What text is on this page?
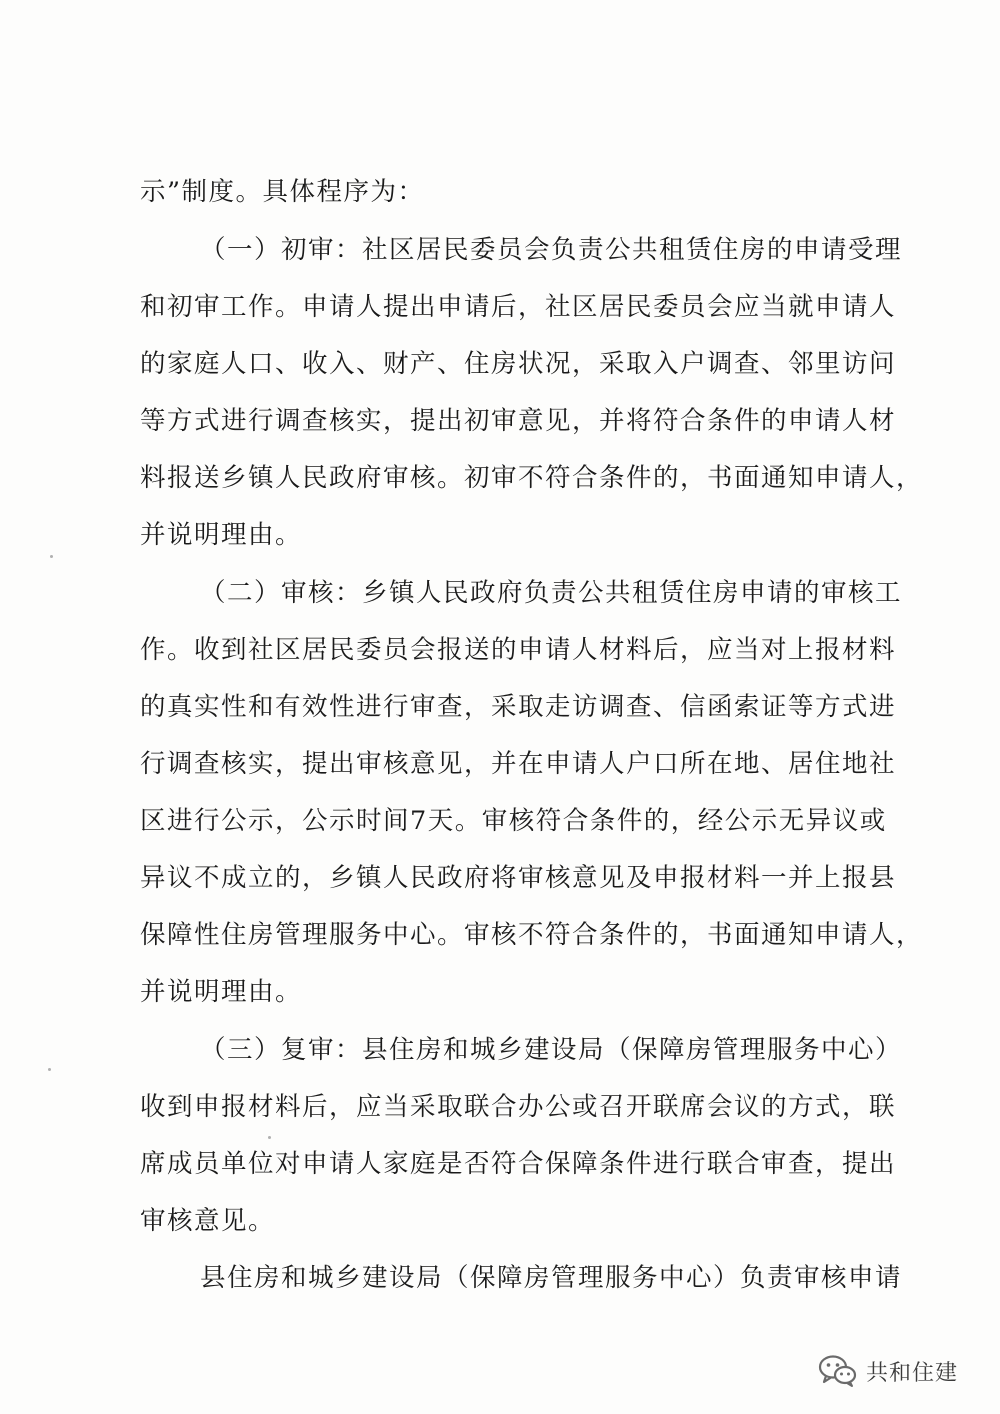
示”制度。具体程序为：
（一）初审：社区居民委员会负责公共租赁住房的申请受理
和初审工作。申请人提出申请后，社区居民委员会应当就申请人
的家庭人口、收入、财产、住房状况，采取入户调查、邻里访问
等方式进行调查核实，提出初审意见，并将符合条件的申请人材
料报送乡镇人民政府审核。初审不符合条件的，书面通知申请人，
并说明理由。
（二）审核：乡镇人民政府负责公共租赁住房申请的审核工
作。收到社区居民委员会报送的申请人材料后，应当对上报材料
的真实性和有效性进行审查，采取走访调查、信函索证等方式进
行调查核实，提出审核意见，并在申请人户口所在地、居住地社
区进行公示，公示时间7天。审核符合条件的，经公示无异议或
异议不成立的，乡镇人民政府将审核意见及申报材料一并上报县
保障性住房管理服务中心。审核不符合条件的，书面通知申请人，
并说明理由。
（三）复审：县住房和城乡建设局（保障房管理服务中心）
收到申报材料后，应当采取联合办公或召开联席会议的方式，联
席成员单位对申请人家庭是否符合保障条件进行联合审查，提出
审核意见。
县住房和城乡建设局（保障房管理服务中心）负责审核申请
共和住建
